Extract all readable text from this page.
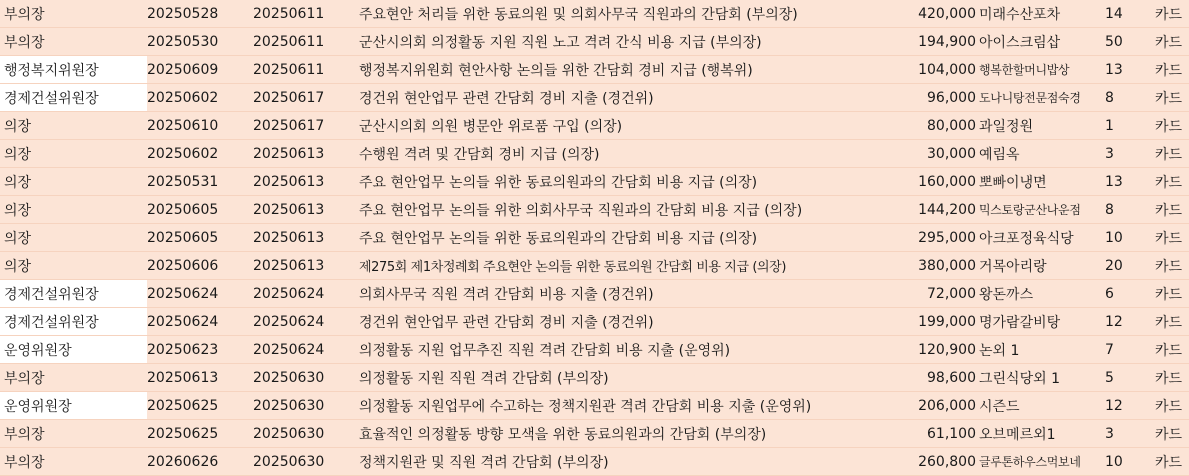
부의장	20250528	20250611	주요현안 처리들 위한 동료의원 및 의회사무국 직원과의 간담회 (부의장)	420,000	미래수산포차	14	카드
부의장	20250530	20250611	군산시의회 의정활동 지원 직원 노고 격려 간식 비용 지급 (부의장)	194,900	아이스크림삽	50	카드
행정복지위원장	20250609	20250611	행정복지위원회 현안사항 논의들 위한 간담회 경비 지급 (행복위)	104,000	행복한할머니밥상	13	카드
경제건설위원장	20250602	20250617	경건위 현안업무 관련 간담회 경비 지출 (경건위)	96,000	도나니탕전문점숙경	8	카드
의장	20250610	20250617	군산시의회 의원 병문안 위로품 구입 (의장)	80,000	과일정원	1	카드
의장	20250602	20250613	수행원 격려 및 간담회 경비 지급 (의장)	30,000	예림옥	3	카드
의장	20250531	20250613	주요 현안업무 논의들 위한 동료의원과의 간담회 비용 지급 (의장)	160,000	뽀빠이냉면	13	카드
의장	20250605	20250613	주요 현안업무 논의들 위한 의회사무국 직원과의 간담회 비용 지급 (의장)	144,200	믹스토랑군산나운점	8	카드
의장	20250605	20250613	주요 현안업무 논의들 위한 동료의원과의 간담회 비용 지급 (의장)	295,000	아크포정육식당	10	카드
의장	20250606	20250613	제275회 제1차정례회 주요현안 논의들 위한 동료의원 간담회 비용 지급 (의장)	380,000	거목아리랑	20	카드
경제건설위원장	20250624	20250624	의회사무국 직원 격려 간담회 비용 지출 (경건위)	72,000	왕돈까스	6	카드
경제건설위원장	20250624	20250624	경건위 현안업무 관련 간담회 경비 지출 (경건위)	199,000	명가람갈비탕	12	카드
운영위원장	20250623	20250624	의정활동 지원 업무추진 직원 격려 간담회 비용 지출 (운영위)	120,900	논외 1	7	카드
부의장	20250613	20250630	의정활동 지원 직원 격려 간담회 (부의장)	98,600	그린식당외 1	5	카드
운영위원장	20250625	20250630	의정활동 지원업무에 수고하는 정책지원관 격려 간담회 비용 지출 (운영위)	206,000	시즌드	12	카드
부의장	20250625	20250630	효율적인 의정활동 방향 모색을 위한 동료의원과의 간담회 (부의장)	61,100	오브메르외1	3	카드
부의장	20260626	20250630	정책지원관 및 직원 격려 간담회 (부의장)	260,800	글루톤하우스먹보네	10	카드
